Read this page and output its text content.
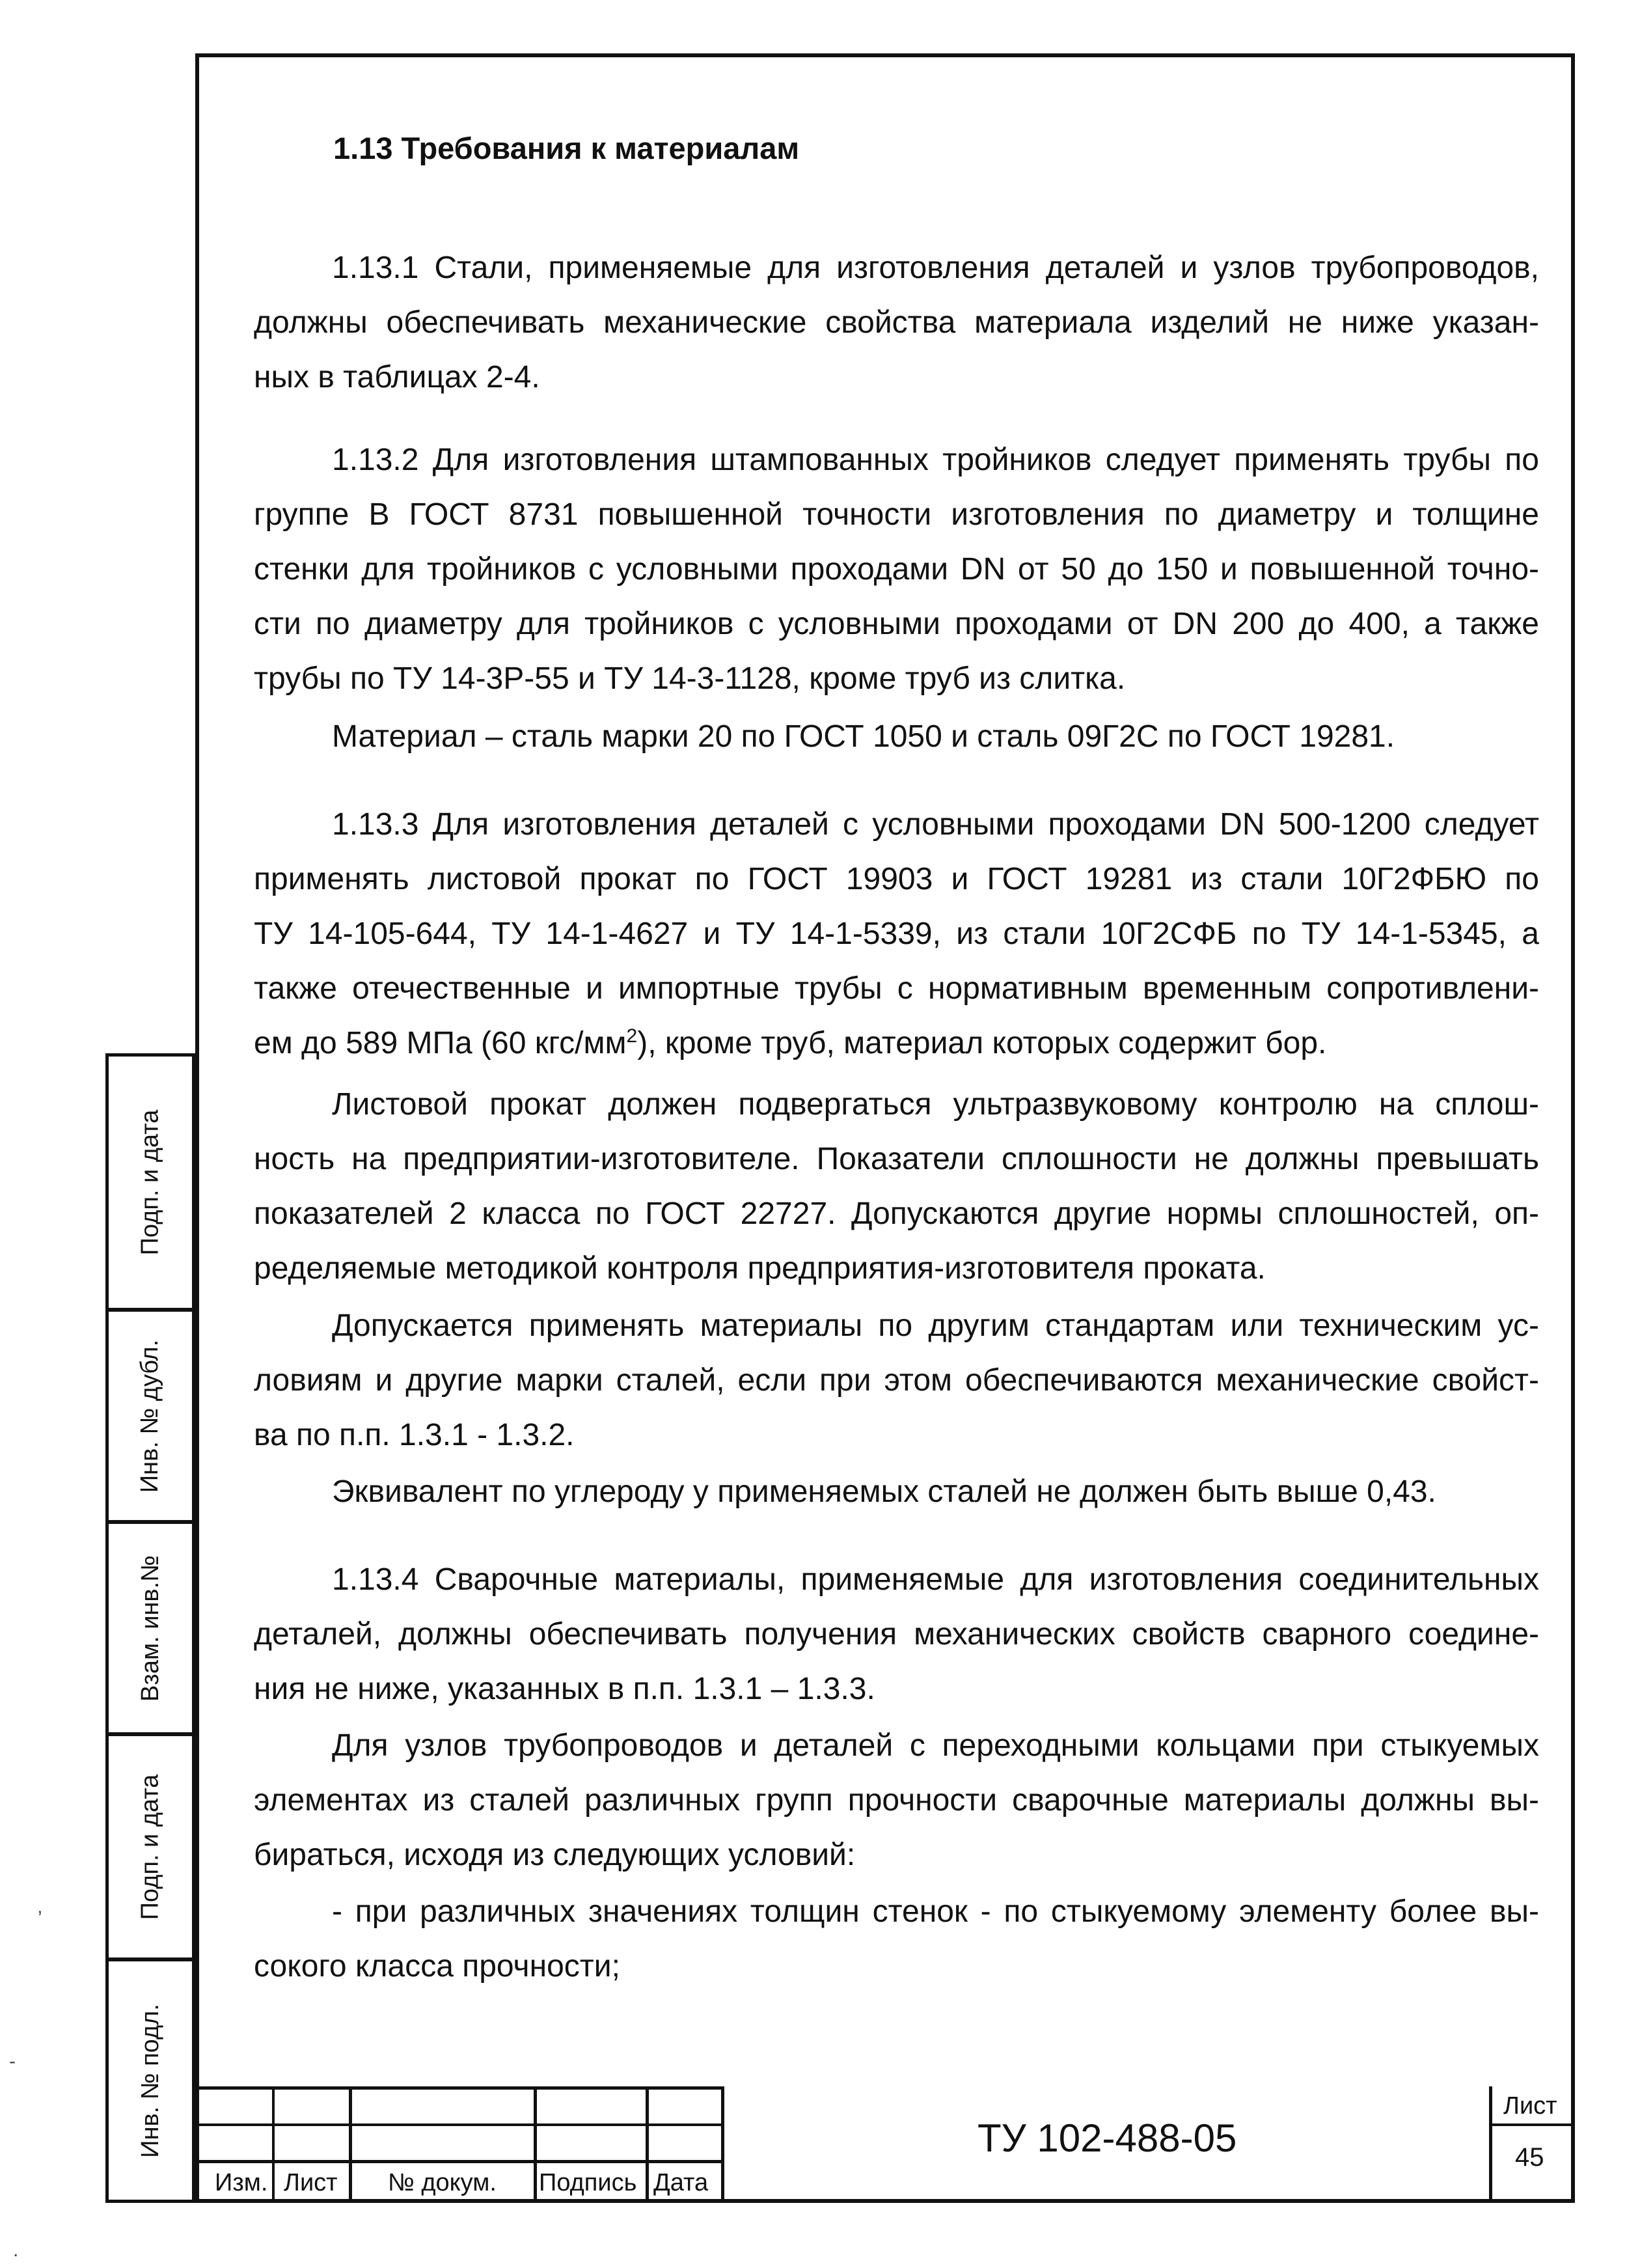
Подп. и дата
Инв. № дубл.
Взам. инв.№
Подп. и дата
Инв. № подл.
’
-
.
1.13 Требования к материалам
1.13.1 Стали, применяемые для изготовления деталей и узлов трубопроводов,
должны обеспечивать механические свойства материала изделий не ниже указан-
ных в таблицах 2-4.
1.13.2 Для изготовления штампованных тройников следует применять трубы по
группе В ГОСТ 8731 повышенной точности изготовления по диаметру и толщине
стенки для тройников с условными проходами DN от 50 до 150 и повышенной точно-
сти по диаметру для тройников с условными проходами от DN 200 до 400, а также
трубы по ТУ 14-3Р-55 и ТУ 14-3-1128, кроме труб из слитка.
Материал – сталь марки 20 по ГОСТ 1050 и сталь 09Г2С по ГОСТ 19281.
1.13.3 Для изготовления деталей с условными проходами DN 500-1200 следует
применять листовой прокат по ГОСТ 19903 и ГОСТ 19281 из стали 10Г2ФБЮ по
ТУ 14-105-644, ТУ 14-1-4627 и ТУ 14-1-5339, из стали 10Г2СФБ по ТУ 14-1-5345, а
также отечественные и импортные трубы с нормативным временным сопротивлени-
ем до 589 МПа (60 кгс/$мм^2$), кроме труб, материал которых содержит бор.
Листовой прокат должен подвергаться ультразвуковому контролю на сплош-
ность на предприятии-изготовителе. Показатели сплошности не должны превышать
показателей 2 класса по ГОСТ 22727. Допускаются другие нормы сплошностей, оп-
ределяемые методикой контроля предприятия-изготовителя проката.
Допускается применять материалы по другим стандартам или техническим ус-
ловиям и другие марки сталей, если при этом обеспечиваются механические свойст-
ва по п.п. 1.3.1 - 1.3.2.
Эквивалент по углероду у применяемых сталей не должен быть выше 0,43.
1.13.4 Сварочные материалы, применяемые для изготовления соединительных
деталей, должны обеспечивать получения механических свойств сварного соедине-
ния не ниже, указанных в п.п. 1.3.1 – 1.3.3.
Для узлов трубопроводов и деталей с переходными кольцами при стыкуемых
элементах из сталей различных групп прочности сварочные материалы должны вы-
бираться, исходя из следующих условий:
- при различных значениях толщин стенок - по стыкуемому элементу более вы-
сокого класса прочности;
Изм. Лист № докум. Подпись Дата
ТУ 102-488-05
Лист
45
